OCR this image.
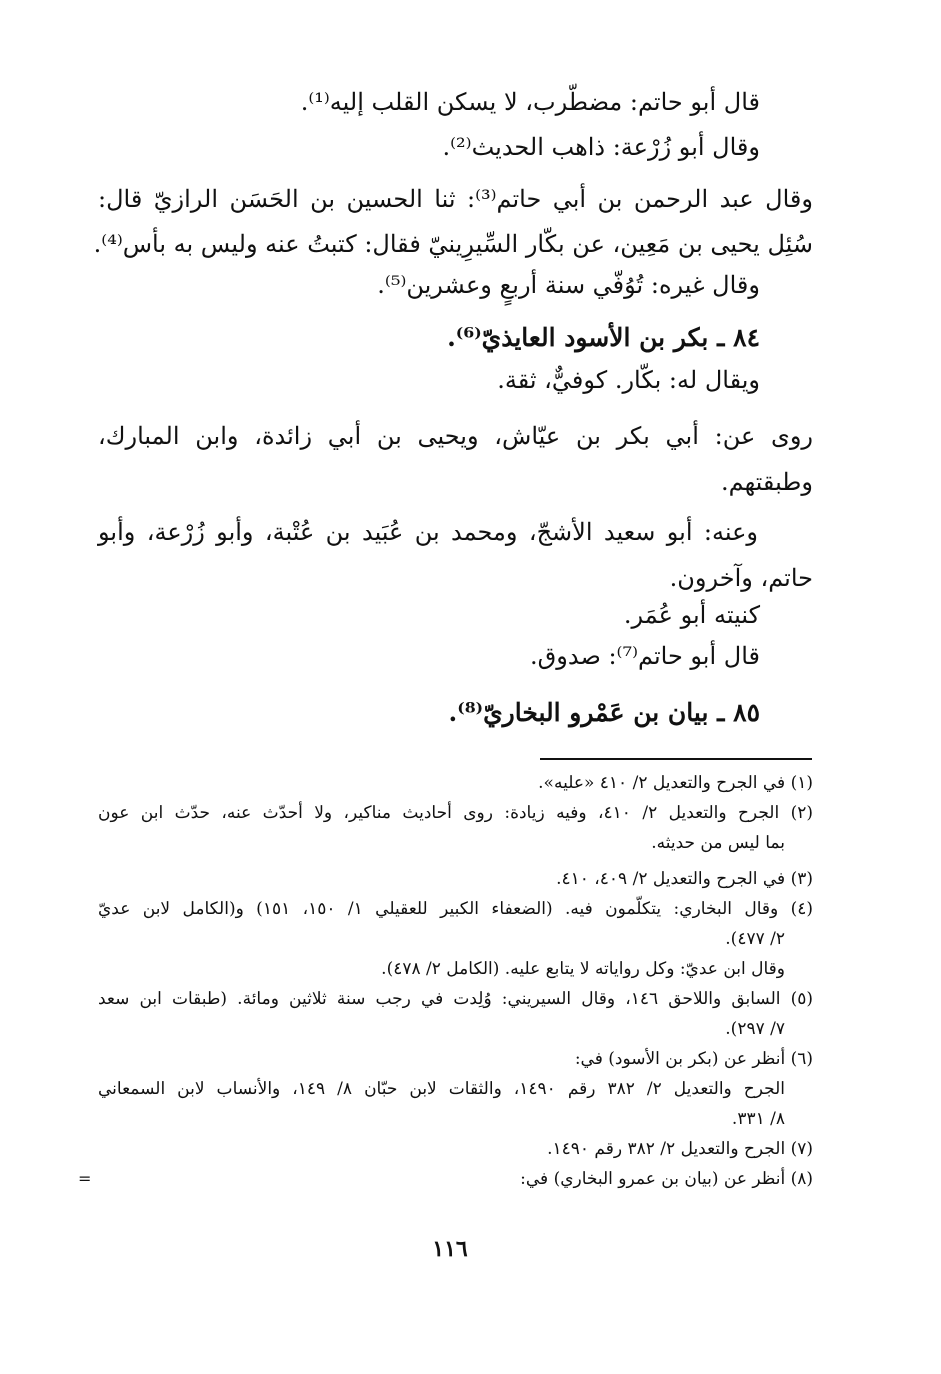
قال أبو حاتم: مضطّرب، لا يسكن القلب إليه⁽¹⁾.
وقال أبو زُرْعة: ذاهب الحديث⁽²⁾.
وقال عبد الرحمن بن أبي حاتم⁽³⁾: ثنا الحسين بن الحَسَن الرازيّ قال:
سُئِل يحيى بن مَعِين، عن بكّار السِّيرِينيّ فقال: كتبتُ عنه وليس به بأس⁽⁴⁾.
وقال غيره: تُوُفّي سنة أربعٍ وعشرين⁽⁵⁾.
٨٤ ـ بكر بن الأسود العايذيّ⁽⁶⁾.
ويقال له: بكّار. كوفيٌّ، ثقة.
روى عن: أبي بكر بن عيّاش، ويحيى بن أبي زائدة، وابن المبارك،
وطبقتهم.
وعنه: أبو سعيد الأشجّ، ومحمد بن عُبَيد بن عُتْبة، وأبو زُرْعة، وأبو
حاتم، وآخرون.
كنيته أبو عُمَر.
قال أبو حاتم⁽⁷⁾: صدوق.
٨٥ ـ بيان بن عَمْرو البخاريّ⁽⁸⁾.
(١) في الجرح والتعديل ٢/ ٤١٠ «عليه».
(٢) الجرح والتعديل ٢/ ٤١٠، وفيه زيادة: روى أحاديث مناكير، ولا أحدّث عنه، حدّث ابن عون
بما ليس من حديثه.
(٣) في الجرح والتعديل ٢/ ٤٠٩، ٤١٠.
(٤) وقال البخاري: يتكلّمون فيه. (الضعفاء الكبير للعقيلي ١/ ١٥٠، ١٥١) و(الكامل لابن عديّ
٢/ ٤٧٧).
وقال ابن عديّ: وكل رواياته لا يتابع عليه. (الكامل ٢/ ٤٧٨).
(٥) السابق واللاحق ١٤٦، وقال السيريني: وُلِدت في رجب سنة ثلاثين ومائة. (طبقات ابن سعد
٧/ ٢٩٧).
(٦) أنظر عن (بكر بن الأسود) في:
الجرح والتعديل ٢/ ٣٨٢ رقم ١٤٩٠، والثقات لابن حبّان ٨/ ١٤٩، والأنساب لابن السمعاني
٨/ ٣٣١.
(٧) الجرح والتعديل ٢/ ٣٨٢ رقم ١٤٩٠.
(٨) أنظر عن (بيان بن عمرو البخاري) في:
=
١١٦
